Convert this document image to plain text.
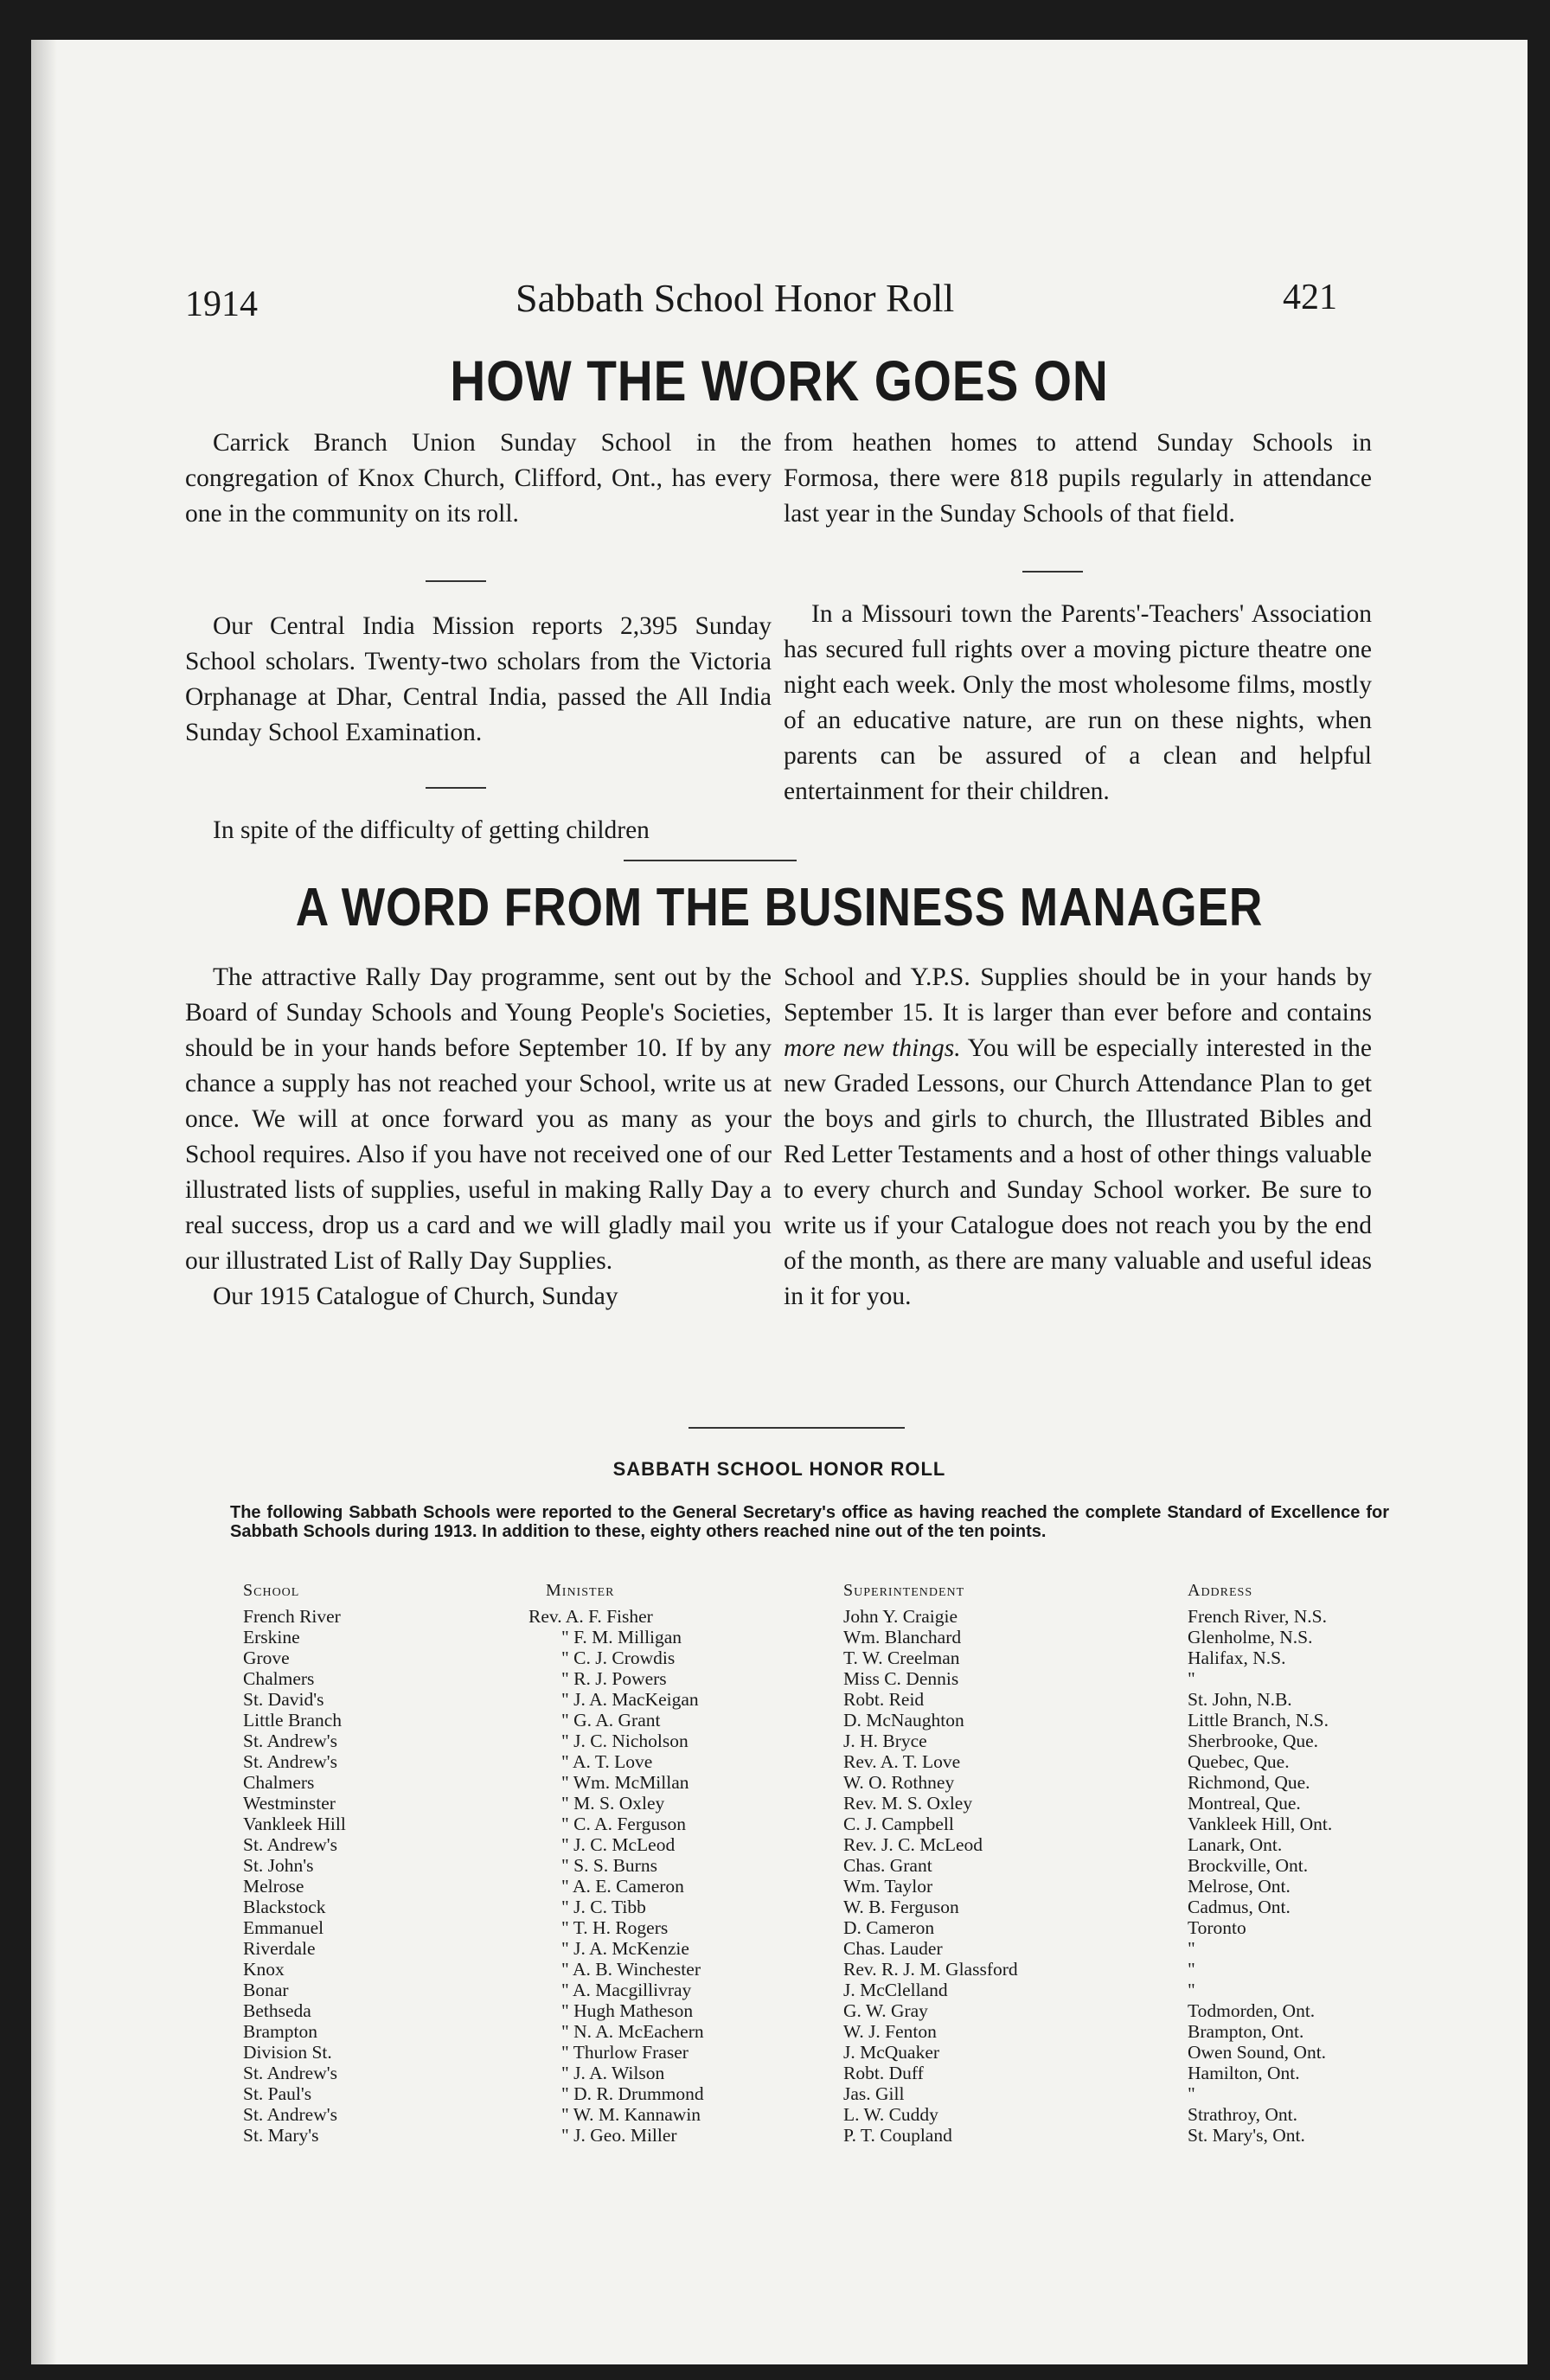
1914	Sabbath School Honor Roll	421
HOW THE WORK GOES ON

Carrick Branch Union Sunday School in the congregation of Knox Church, Clifford, Ont., has every one in the community on its roll.

Our Central India Mission reports 2,395 Sunday School scholars. Twenty-two scholars from the Victoria Orphanage at Dhar, Central India, passed the All India Sunday School Examination.

In spite of the difficulty of getting children

from heathen homes to attend Sunday Schools in Formosa, there were 818 pupils regularly in attendance last year in the Sunday Schools of that field.

In a Missouri town the Parents'-Teachers' Association has secured full rights over a moving picture theatre one night each week. Only the most wholesome films, mostly of an educative nature, are run on these nights, when parents can be assured of a clean and helpful entertainment for their children.

A WORD FROM THE BUSINESS MANAGER

The attractive Rally Day programme, sent out by the Board of Sunday Schools and Young People's Societies, should be in your hands before September 10. If by any chance a supply has not reached your School, write us at once. We will at once forward you as many as your School requires. Also if you have not received one of our illustrated lists of supplies, useful in making Rally Day a real success, drop us a card and we will gladly mail you our illustrated List of Rally Day Supplies.

Our 1915 Catalogue of Church, Sunday

School and Y.P.S. Supplies should be in your hands by September 15. It is larger than ever before and contains more new things. You will be especially interested in the new Graded Lessons, our Church Attendance Plan to get the boys and girls to church, the Illustrated Bibles and Red Letter Testaments and a host of other things valuable to every church and Sunday School worker. Be sure to write us if your Catalogue does not reach you by the end of the month, as there are many valuable and useful ideas in it for you.

SABBATH SCHOOL HONOR ROLL
The following Sabbath Schools were reported to the General Secretary's office as having reached the complete Standard of Excellence for Sabbath Schools during 1913. In addition to these, eighty others reached nine out of the ten points.
School	Minister	Superintendent	Address
French River	Rev. A. F. Fisher	John Y. Craigie	French River, N.S.
Erskine	" F. M. Milligan	Wm. Blanchard	Glenholme, N.S.
Grove	" C. J. Crowdis	T. W. Creelman	Halifax, N.S.
Chalmers	" R. J. Powers	Miss C. Dennis	"
St. David's	" J. A. MacKeigan	Robt. Reid	St. John, N.B.
Little Branch	" G. A. Grant	D. McNaughton	Little Branch, N.S.
St. Andrew's	" J. C. Nicholson	J. H. Bryce	Sherbrooke, Que.
St. Andrew's	" A. T. Love	Rev. A. T. Love	Quebec, Que.
Chalmers	" Wm. McMillan	W. O. Rothney	Richmond, Que.
Westminster	" M. S. Oxley	Rev. M. S. Oxley	Montreal, Que.
Vankleek Hill	" C. A. Ferguson	C. J. Campbell	Vankleek Hill, Ont.
St. Andrew's	" J. C. McLeod	Rev. J. C. McLeod	Lanark, Ont.
St. John's	" S. S. Burns	Chas. Grant	Brockville, Ont.
Melrose	" A. E. Cameron	Wm. Taylor	Melrose, Ont.
Blackstock	" J. C. Tibb	W. B. Ferguson	Cadmus, Ont.
Emmanuel	" T. H. Rogers	D. Cameron	Toronto
Riverdale	" J. A. McKenzie	Chas. Lauder	"
Knox	" A. B. Winchester	Rev. R. J. M. Glassford	"
Bonar	" A. Macgillivray	J. McClelland	"
Bethseda	" Hugh Matheson	G. W. Gray	Todmorden, Ont.
Brampton	" N. A. McEachern	W. J. Fenton	Brampton, Ont.
Division St.	" Thurlow Fraser	J. McQuaker	Owen Sound, Ont.
St. Andrew's	" J. A. Wilson	Robt. Duff	Hamilton, Ont.
St. Paul's	" D. R. Drummond	Jas. Gill	"
St. Andrew's	" W. M. Kannawin	L. W. Cuddy	Strathroy, Ont.
St. Mary's	" J. Geo. Miller	P. T. Coupland	St. Mary's, Ont.
